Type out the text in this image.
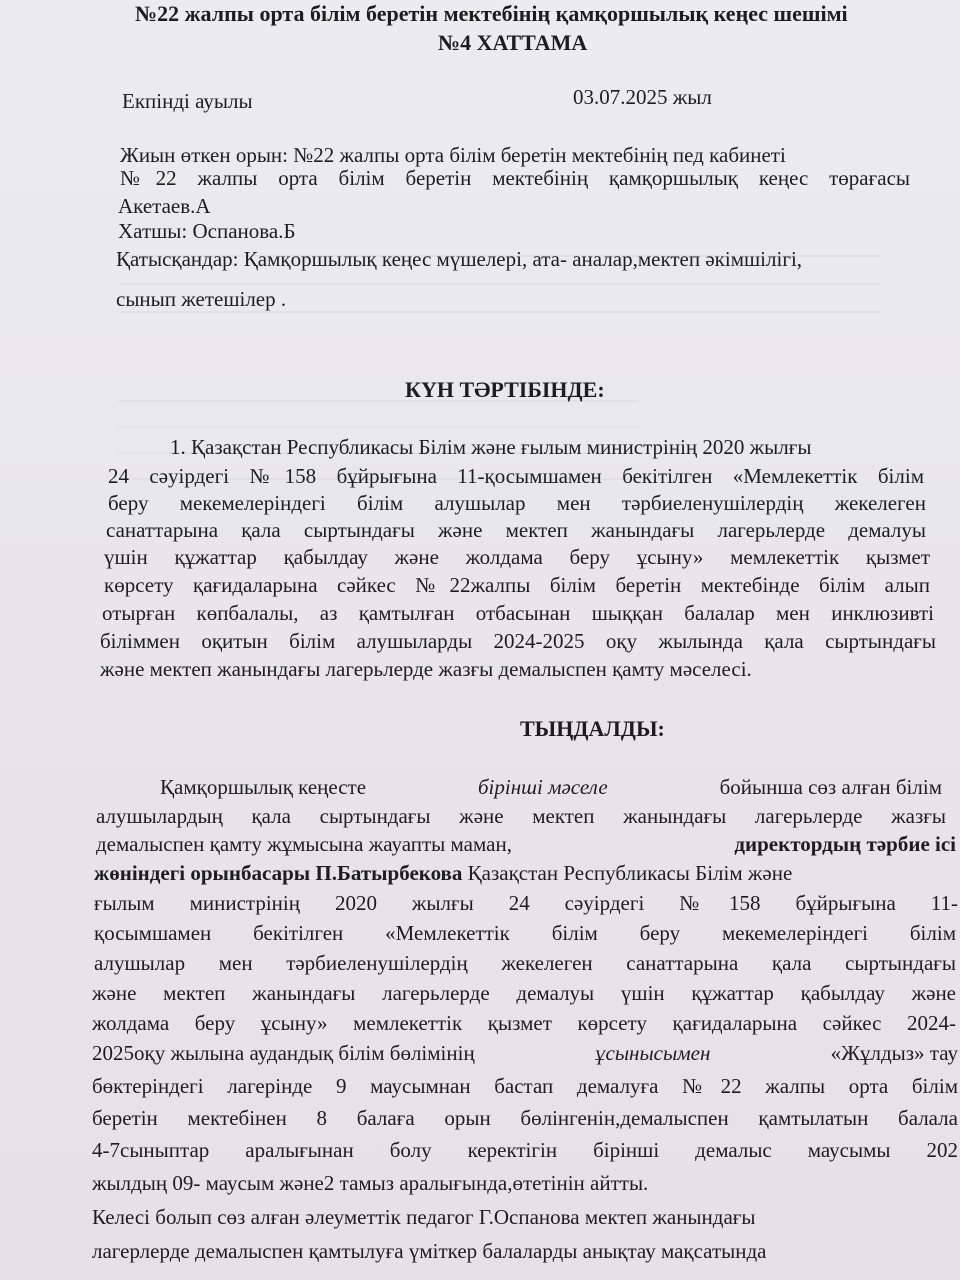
№22 жалпы орта білім беретін мектебінің қамқоршылық кеңес шешімі
№4 ХАТТАМА
Екпінді ауылы	03.07.2025 жыл
Жиын өткен орын: №22 жалпы орта білім беретін мектебінің пед кабинеті
№22 жалпы орта білім беретін мектебінің қамқоршылық кеңес төрағасы
Акетаев.А
Хатшы: Оспанова.Б
Қатысқандар: Қамқоршылық кеңес мүшелері, ата- аналар,мектеп әкімшілігі,
сынып жетешілер .
КҮН ТӘРТІБІНДЕ:
1. Қазақстан Республикасы Білім және ғылым министрінің 2020 жылғы
24 сәуірдегі №158 бұйрығына 11-қосымшамен бекітілген «Мемлекеттік білім
беру мекемелеріндегі білім алушылар мен тәрбиеленушілердің жекелеген
санаттарына қала сыртындағы және мектеп жанындағы лагерьлерде демалуы
үшін құжаттар қабылдау және жолдама беру ұсыну» мемлекеттік қызмет
көрсету қағидаларына сәйкес №22жалпы білім беретін мектебінде білім алып
отырған көпбалалы, аз қамтылған отбасынан шыққан балалар мен инклюзивті
біліммен оқитын білім алушыларды 2024-2025 оқу жылында қала сыртындағы
және мектеп жанындағы лагерьлерде жазғы демалыспен қамту мәселесі.
ТЫҢДАЛДЫ:
Қамқоршылық кеңесте	бірінші мәселе	бойынша сөз алған білім
алушылардың қала сыртындағы және мектеп жанындағы лагерьлерде жазғы
демалыспен қамту жұмысына жауапты маман,	директордың тәрбие ісі
жөніндегі орынбасары П.Батырбекова Қазақстан Республикасы Білім және
ғылым министрінің 2020 жылғы 24 сәуірдегі №158 бұйрығына 11-
қосымшамен бекітілген «Мемлекеттік білім беру мекемелеріндегі білім
алушылар мен тәрбиеленушілердің жекелеген санаттарына қала сыртындағы
және мектеп жанындағы лагерьлерде демалуы үшін құжаттар қабылдау және
жолдама беру ұсыну» мемлекеттік қызмет көрсету қағидаларына сәйкес 2024-
2025оқу жылына аудандық білім бөлімінің	ұсынысымен	«Жұлдыз» тау
бөктеріндегі лагерінде 9 маусымнан бастап демалуға №22 жалпы орта білім
беретін мектебінен 8 балаға орын бөлінгенін,демалыспен қамтылатын балала
4-7сыныптар аралығынан болу керектігін бірінші демалыс маусымы 202
жылдың 09- маусым және2 тамыз аралығында,өтетінін айтты.
Келесі болып сөз алған әлеуметтік педагог Г.Оспанова мектеп жанындағы
лагерлерде демалыспен қамтылуға үміткер балаларды анықтау мақсатында
